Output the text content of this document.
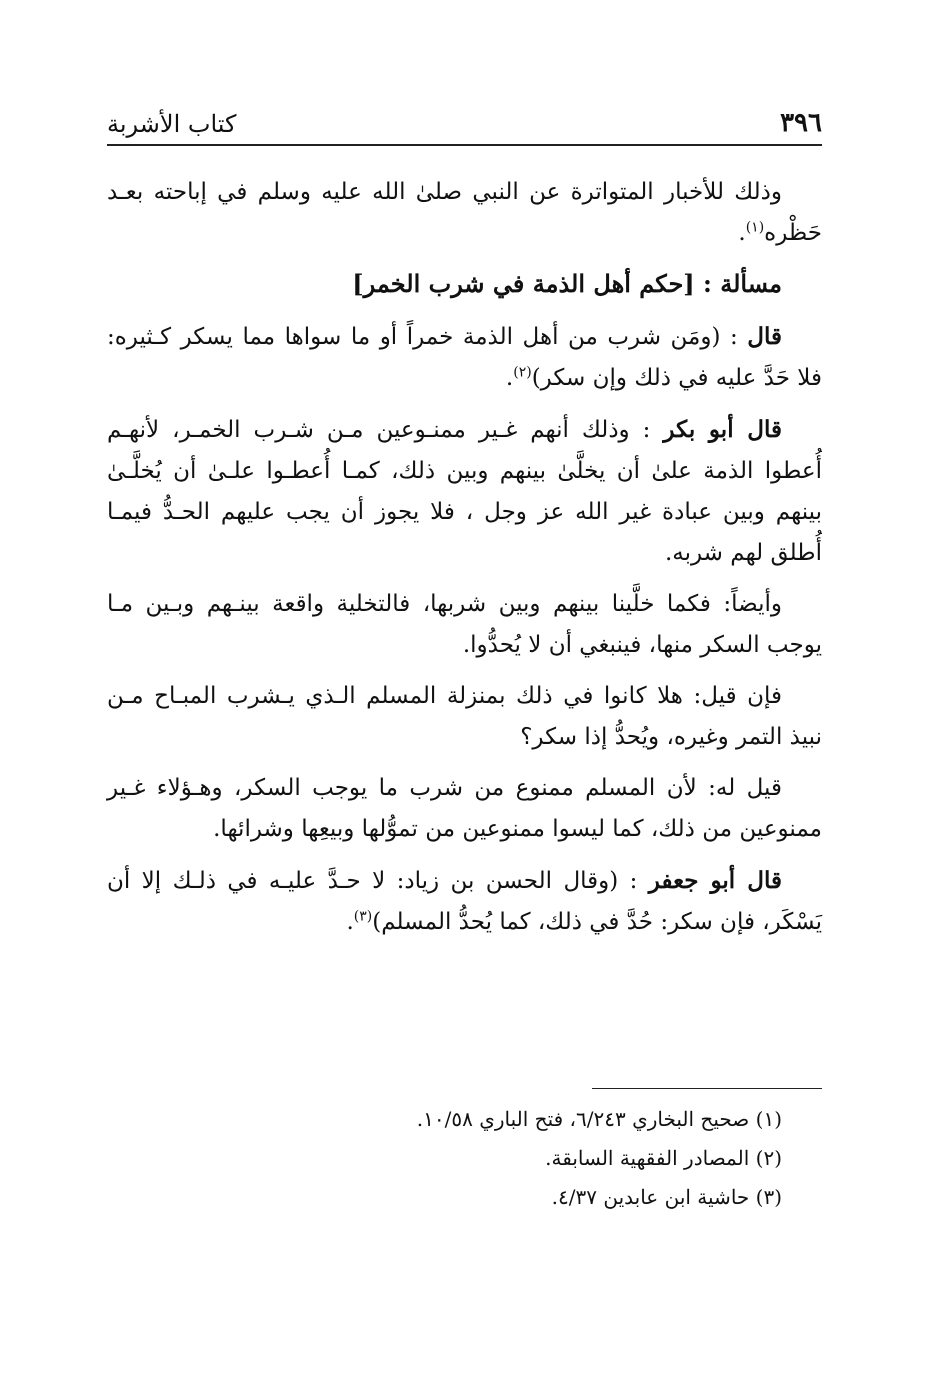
٣٩٦
كتاب الأشربة

وذلك للأخبار المتواترة عن النبي صلىٰ الله عليه وسلم في إباحته بعـد حَظْره$^{(١)}$.

مسألة : [حكم أهل الذمة في شرب الخمر]

قال : (ومَن شرب من أهل الذمة خمراً أو ما سواها مما يسكر كـثيره: فلا حَدَّ عليه في ذلك وإن سكر)$^{(٢)}$.

قال أبو بكر : وذلك أنهم غـير ممنـوعين مـن شـرب الخمـر، لأنهـم أُعطوا الذمة علىٰ أن يخلَّىٰ بينهم وبين ذلك، كمـا أُعطـوا علـىٰ أن يُخلَّـىٰ بينهم وبين عبادة غير الله عز وجل ، فلا يجوز أن يجب عليهم الحـدُّ فيمـا أُطلق لهم شربه.

وأيضاً: فكما خلَّينا بينهم وبين شربها، فالتخلية واقعة بينـهم وبـين مـا يوجب السكر منها، فينبغي أن لا يُحدُّوا.

فإن قيل: هلا كانوا في ذلك بمنزلة المسلم الـذي يـشرب المبـاح مـن نبيذ التمر وغيره، ويُحدُّ إذا سكر؟

قيل له: لأن المسلم ممنوع من شرب ما يوجب السكر، وهـؤلاء غـير ممنوعين من ذلك، كما ليسوا ممنوعين من تموُّلها وبيعِها وشرائها.

قال أبو جعفر : (وقال الحسن بن زياد: لا حـدَّ عليـه في ذلـك إلا أن يَسْكَر، فإن سكر: حُدَّ في ذلك، كما يُحدُّ المسلم)$^{(٣)}$.

(١) صحيح البخاري ٦/٢٤٣، فتح الباري ١٠/٥٨.

(٢) المصادر الفقهية السابقة.

(٣) حاشية ابن عابدين ٤/٣٧.
